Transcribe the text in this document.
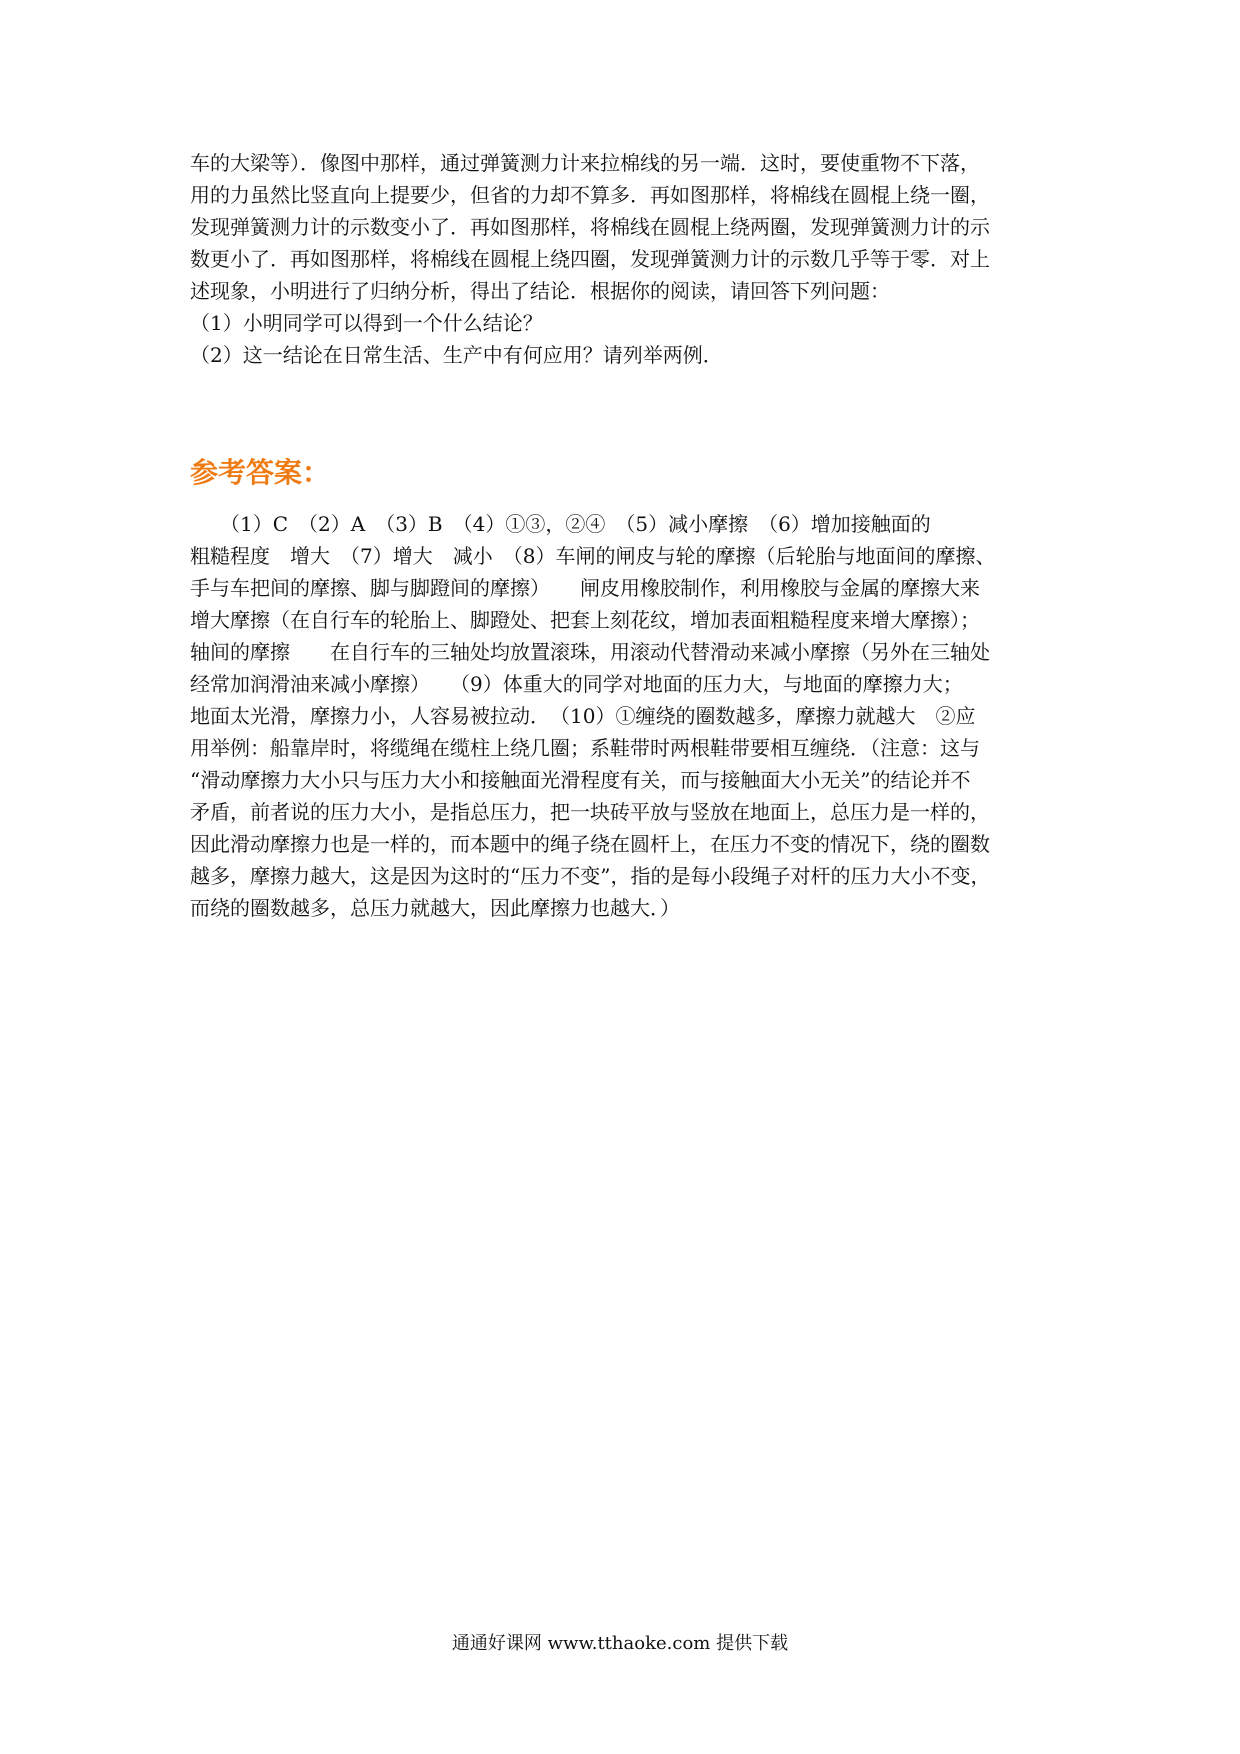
车的大梁等）．像图中那样，通过弹簧测力计来拉棉线的另一端．这时，要使重物不下落，
用的力虽然比竖直向上提要少，但省的力却不算多．再如图那样，将棉线在圆棍上绕一圈，
发现弹簧测力计的示数变小了．再如图那样，将棉线在圆棍上绕两圈，发现弹簧测力计的示
数更小了．再如图那样，将棉线在圆棍上绕四圈，发现弹簧测力计的示数几乎等于零．对上
述现象，小明进行了归纳分析，得出了结论．根据你的阅读，请回答下列问题：
（1）小明同学可以得到一个什么结论？
（2）这一结论在日常生活、生产中有何应用？请列举两例．
参考答案：
　　（1）C　（2）A　（3）B　（4）①③，②④　（5）减小摩擦　（6）增加接触面的
粗糙程度　增大　（7）增大　减小　（8）车闸的闸皮与轮的摩擦（后轮胎与地面间的摩擦、
手与车把间的摩擦、脚与脚蹬间的摩擦）　　闸皮用橡胶制作，利用橡胶与金属的摩擦大来
增大摩擦（在自行车的轮胎上、脚蹬处、把套上刻花纹，增加表面粗糙程度来增大摩擦）；
轴间的摩擦　　在自行车的三轴处均放置滚珠，用滚动代替滑动来减小摩擦（另外在三轴处
经常加润滑油来减小摩擦）　　（9）体重大的同学对地面的压力大，与地面的摩擦力大；
地面太光滑，摩擦力小，人容易被拉动．　（10）①缠绕的圈数越多，摩擦力就越大　②应
用举例：船靠岸时，将缆绳在缆柱上绕几圈；系鞋带时两根鞋带要相互缠绕．（注意：这与
“滑动摩擦力大小只与压力大小和接触面光滑程度有关，而与接触面大小无关”的结论并不
矛盾，前者说的压力大小，是指总压力，把一块砖平放与竖放在地面上，总压力是一样的，
因此滑动摩擦力也是一样的，而本题中的绳子绕在圆杆上，在压力不变的情况下，绕的圈数
越多，摩擦力越大，这是因为这时的“压力不变”，指的是每小段绳子对杆的压力大小不变，
而绕的圈数越多，总压力就越大，因此摩擦力也越大．）
通通好课网 www.tthaoke.com 提供下载
